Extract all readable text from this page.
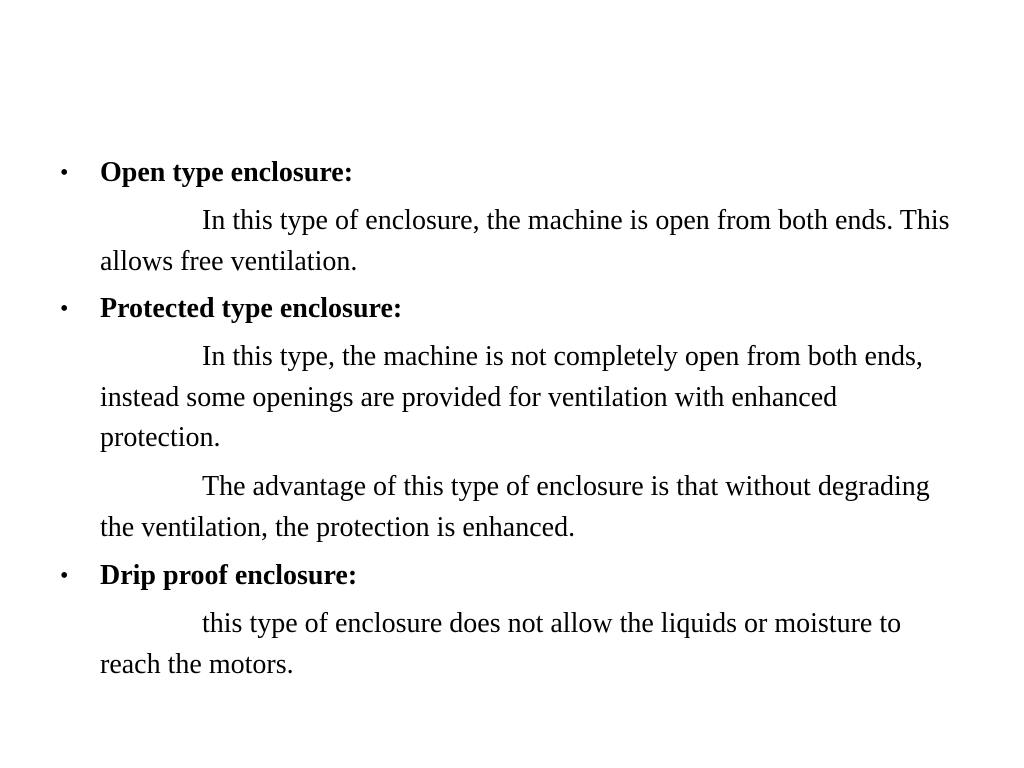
• Open type enclosure:
In this type of enclosure, the machine is open from both ends. This allows free ventilation.
• Protected type enclosure:
In this type, the machine is not completely open from both ends, instead some openings are provided for ventilation with enhanced protection.
The advantage of this type of enclosure is that without degrading the ventilation, the protection is enhanced.
• Drip proof enclosure:
this type of enclosure does not allow the liquids or moisture to reach the motors.
